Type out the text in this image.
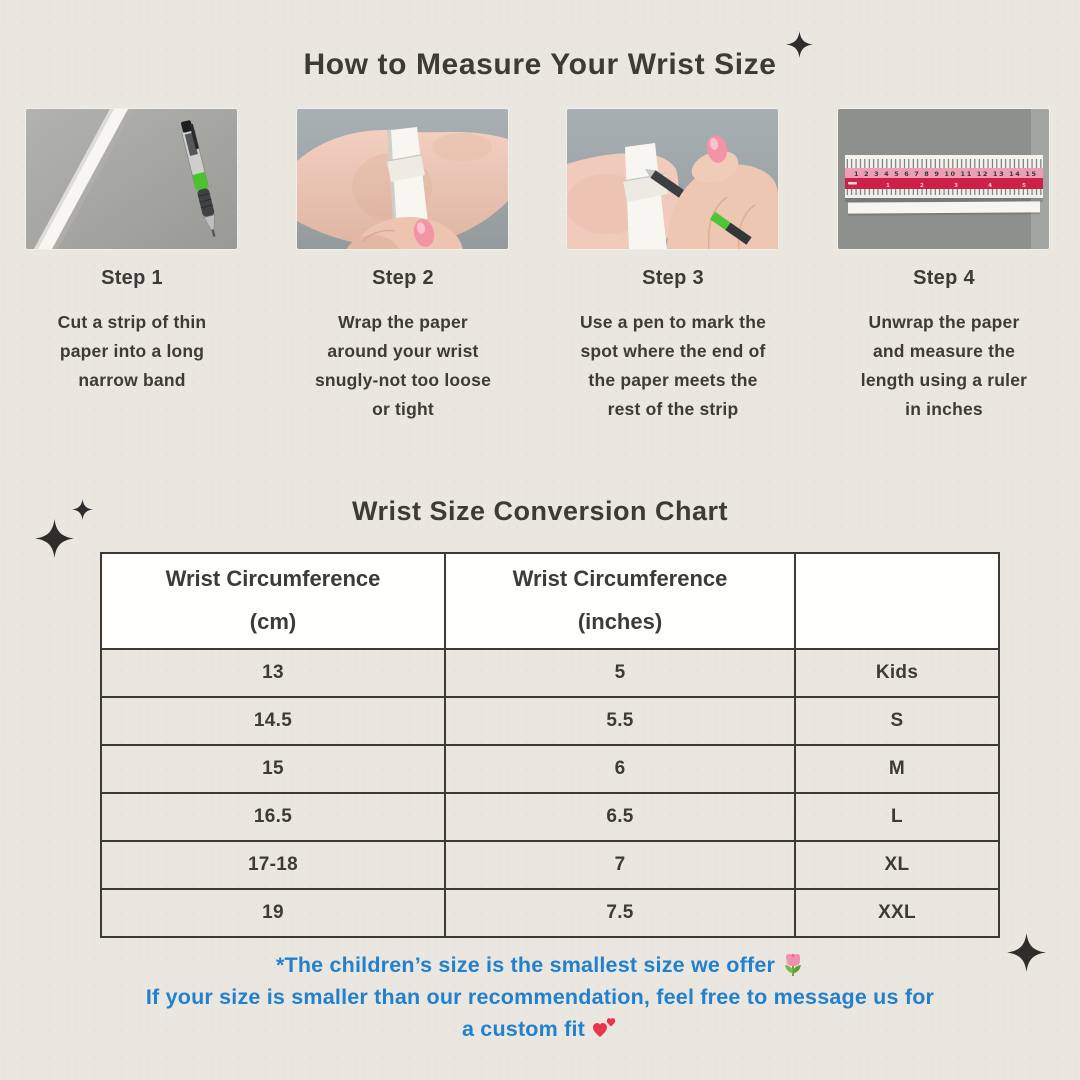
How to Measure Your Wrist Size
1 2 3 4 5 6 7 8 9 10 11 12 13 14 15
1 2 3 4 5
Step 1	Step 2	Step 3	Step 4

Cut a strip of thin paper into a long narrow band

Wrap the paper around your wrist snugly-not too loose or tight

Use a pen to mark the spot where the end of the paper meets the rest of the strip

Unwrap the paper and measure the length using a ruler in inches

Wrist Size Conversion Chart
Wrist Circumference
(cm)

Wrist Circumference
(inches)

13	5	Kids
14.5	5.5	S
15	6	M
16.5	6.5	L
17-18	7	XL
19	7.5	XXL
*The children’s size is the smallest size we offer
If your size is smaller than our recommendation, feel free to message us for
a custom fit
